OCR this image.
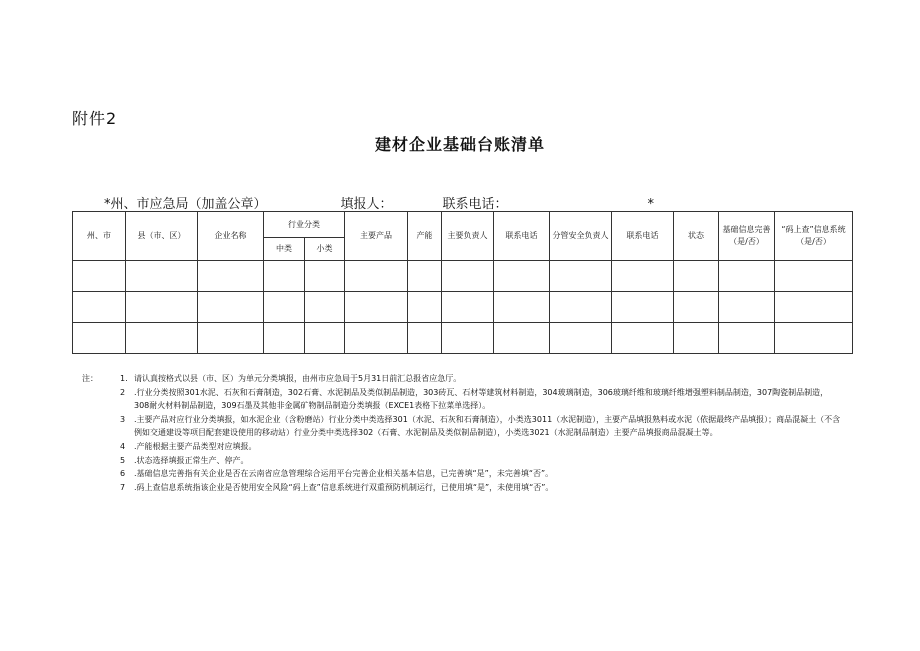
附件2
建材企业基础台账清单
*州、市应急局（加盖公章）	填报人：	联系电话：	*
州、市	县（市、区）	企业名称	行业分类		主要产品	产能	主要负责人	联系电话	分管安全负责人	联系电话	状态	基础信息完善（是/否）	“码上查”信息系统（是/否）
			中类	小类									

注：	1. 请认真按格式以县（市、区）为单元分类填报，由州市应急局于5月31日前汇总报省应急厅。
2	.行业分类按照301水泥、石灰和石膏制造，302石膏、水泥制品及类似制品制造，303砖瓦、石材等建筑材料制造，304玻璃制造，306玻璃纤维和玻璃纤维增强塑料制品制造，307陶瓷制品制造，308耐火材料制品制造，309石墨及其他非金属矿物制品制造分类填报（EXCE1表格下拉菜单选择）。
3	.主要产品对应行业分类填报，如水泥企业（含粉磨站）行业分类中类选择301（水泥、石灰和石膏制造），小类选3011（水泥制造），主要产品填报熟料或水泥（依据最终产品填报）；商品混凝土（不含例如交通建设等项目配套建设使用的移动站）行业分类中类选择302（石膏、水泥制品及类似制品制造），小类选3021（水泥制品制造）主要产品填报商品混凝土等。
4	.产能根据主要产品类型对应填报。
5	.状态选择填报正常生产、停产。
6	.基础信息完善指有关企业是否在云南省应急管理综合运用平台完善企业相关基本信息，已完善填“是”，未完善填“否”。
7	.码上查信息系统指该企业是否使用安全风险“码上查”信息系统进行双重预防机制运行，已使用填“是”，未使用填“否”。
